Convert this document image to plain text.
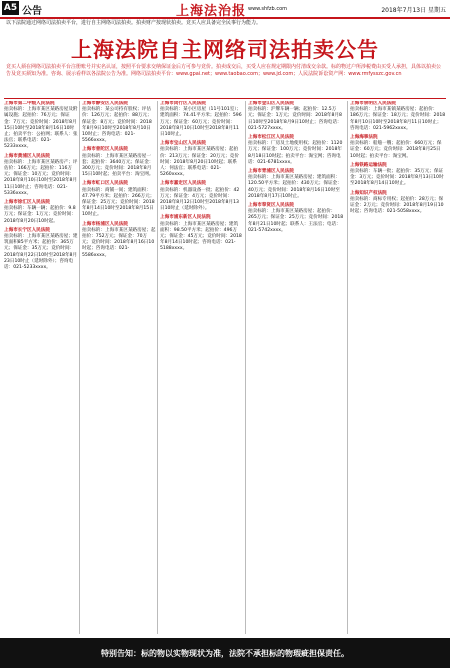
A5 公告	上海法治报 www.shfzb.com	2018年7月13日 星期五
以下法院通过网络司法拍卖平台，进行自主网络司法拍卖。拍卖财产按现状拍卖。竞买人应具备完全民事行为能力。
上海法院自主网络司法拍卖公告
竞买人须在网络司法拍卖平台注册账号并实名认证，按照平台要求交纳保证金后方可参与竞价。拍卖成交后，买受人应在规定期限内付清成交余款。标的物过户所涉税费由买受人承担，具体以拍卖公告及竞买须知为准。咨询、展示看样以各法院公告为准。网络司法拍卖平台：www.gpai.net；www.taobao.com；www.jd.com；人民法院诉讼资产网：www.rmfysszc.gov.cn
上海市第二中级人民法院
拍卖标的：上海市某区某路房屋及附属设施；起拍价：76万元；保证金：7万元；竞价时间：2018年8月15日10时至2018年8月16日10时止；拍卖平台：公拍网；联系人：张法官；联系电话：021-5233xxxx。
上海市黄浦区人民法院
拍卖标的：上海市某区某路房产；评估价：166万元；起拍价：116万元；保证金：10万元；竞价时间：2018年8月10日10时至2018年8月11日10时止；咨询电话：021-5336xxxx。
上海市徐汇区人民法院
拍卖标的：车辆一辆；起拍价：9.8万元；保证金：1万元；竞价时间：2018年8月20日10时起。
上海市长宁区人民法院
拍卖标的：上海市某区某路房屋；建筑面积85平方米；起拍价：365万元；保证金：35万元；竞价时间：2018年8月22日10时至2018年8月23日10时止（延时除外）；咨询电话：021-5233xxxx。
上海市静安区人民法院
拍卖标的：某公司持有股权；评估价：126万元；起拍价：88万元；保证金：8万元；竞价时间：2018年8月9日10时至2018年8月10日10时止；咨询电话：021-5566xxxx。
上海市普陀区人民法院
拍卖标的：上海市某区某路房屋一套；起拍价：3640万元；保证金：300万元；竞价时间：2018年8月15日10时起；拍卖平台：淘宝网。
上海市虹口区人民法院
拍卖标的：商铺一间；建筑面积：47.79平方米；起拍价：266万元；保证金：25万元；竞价时间：2018年8月14日10时至2018年8月15日10时止。
上海市杨浦区人民法院
拍卖标的：上海市某区某路房屋；起拍价：752万元；保证金：70万元；竞价时间：2018年8月16日10时起；咨询电话：021-5586xxxx。
上海市闵行区人民法院
拍卖标的：某小区房屋（11号101室）；建筑面积：74.41平方米；起拍价：596万元；保证金：60万元；竞价时间：2018年8月10日10时至2018年8月11日10时止。
上海市宝山区人民法院
拍卖标的：上海市某区某路房屋；起拍价：213万元；保证金：20万元；竞价时间：2018年8月20日10时起；联系人：何法官；联系电话：021-5260xxxx。
上海市嘉定区人民法院
拍卖标的：机器设备一批；起拍价：42万元；保证金：4万元；竞价时间：2018年8月12日10时至2018年8月13日10时止（延时除外）。
上海市浦东新区人民法院
拍卖标的：上海市某区某路房屋；建筑面积：98.50平方米；起拍价：496万元；保证金：45万元；竞价时间：2018年8月14日10时起；咨询电话：021-5188xxxx。
上海市金山区人民法院
拍卖标的：沪牌车辆一辆；起拍价：12.5万元；保证金：1万元；竞价时间：2018年8月8日10时至2018年8月9日10时止；咨询电话：021-5727xxxx。
上海市松江区人民法院
拍卖标的：厂房及土地使用权；起拍价：1120万元；保证金：100万元；竞价时间：2018年8月18日10时起；拍卖平台：淘宝网；咨询电话：021-6781xxxx。
上海市青浦区人民法院
拍卖标的：上海市某区某路房屋；建筑面积：120.50平方米；起拍价：430万元；保证金：40万元；竞价时间：2018年8月16日10时至2018年8月17日10时止。
上海市奉贤区人民法院
拍卖标的：上海市某区某路房屋；起拍价：265万元；保证金：25万元；竞价时间：2018年8月21日10时起；联系人：王法官；电话：021-5742xxxx。
上海市崇明区人民法院
拍卖标的：上海市某镇某路房屋；起拍价：186万元；保证金：18万元；竞价时间：2018年8月10日10时至2018年8月11日10时止；咨询电话：021-5962xxxx。
上海海事法院
拍卖标的：船舶一艘；起拍价：660万元；保证金：60万元；竞价时间：2018年8月25日10时起；拍卖平台：淘宝网。
上海铁路运输法院
拍卖标的：车辆一批；起拍价：35万元；保证金：3万元；竞价时间：2018年8月13日10时至2018年8月14日10时止。
上海知识产权法院
拍卖标的：商标专用权；起拍价：28万元；保证金：2万元；竞价时间：2018年8月19日10时起；咨询电话：021-5058xxxx。
特别告知：标的物以实物现状为准，法院不承担标的物瑕疵担保责任。
